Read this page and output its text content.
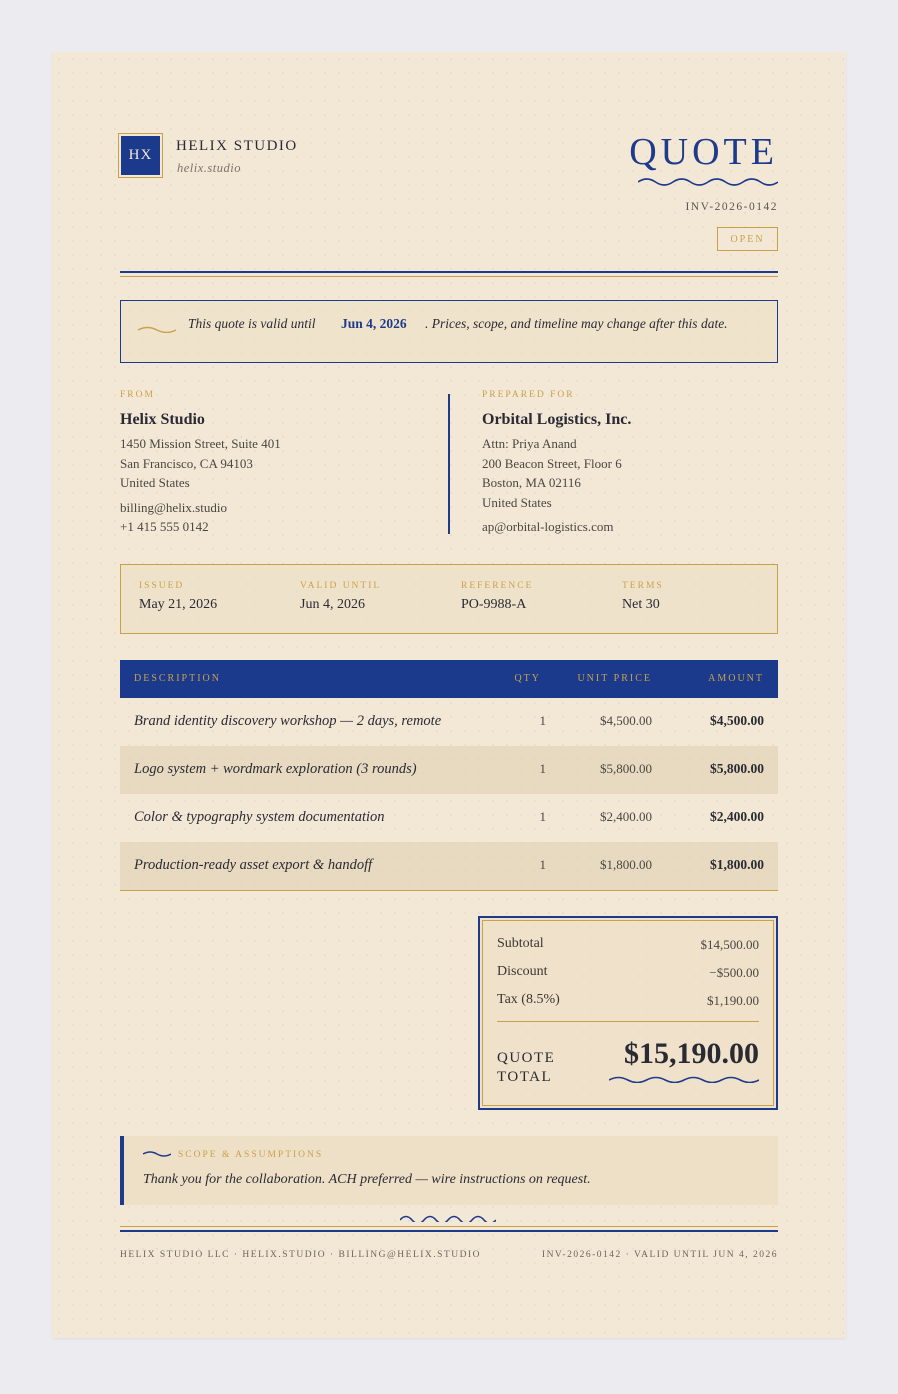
HX
HELIX STUDIO
helix.studio	QUOTE
INV-2026-0142
OPEN
This quote is valid until Jun 4, 2026	. Prices, scope, and timeline may change after this date.
FROM
Helix Studio
1450 Mission Street, Suite 401
San Francisco, CA 94103
United States
billing@helix.studio
+1 415 555 0142
PREPARED FOR
Orbital Logistics, Inc.
Attn: Priya Anand
200 Beacon Street, Floor 6
Boston, MA 02116
United States
ap@orbital-logistics.com
ISSUED
May 21, 2026
VALID UNTIL
Jun 4, 2026
REFERENCE
PO-9988-A
TERMS
Net 30
DESCRIPTION	QTY	UNIT PRICE	AMOUNT
Brand identity discovery workshop — 2 days, remote	1	$4,500.00	$4,500.00
Logo system + wordmark exploration (3 rounds)	1	$5,800.00	$5,800.00
Color & typography system documentation	1	$2,400.00	$2,400.00
Production-ready asset export & handoff	1	$1,800.00	$1,800.00
Subtotal	$14,500.00
Discount	−$500.00
Tax (8.5%)	$1,190.00
QUOTE TOTAL
$15,190.00
SCOPE & ASSUMPTIONS
Thank you for the collaboration. ACH preferred — wire instructions on request.
HELIX STUDIO LLC · HELIX.STUDIO · BILLING@HELIX.STUDIO	INV-2026-0142 · VALID UNTIL JUN 4, 2026
